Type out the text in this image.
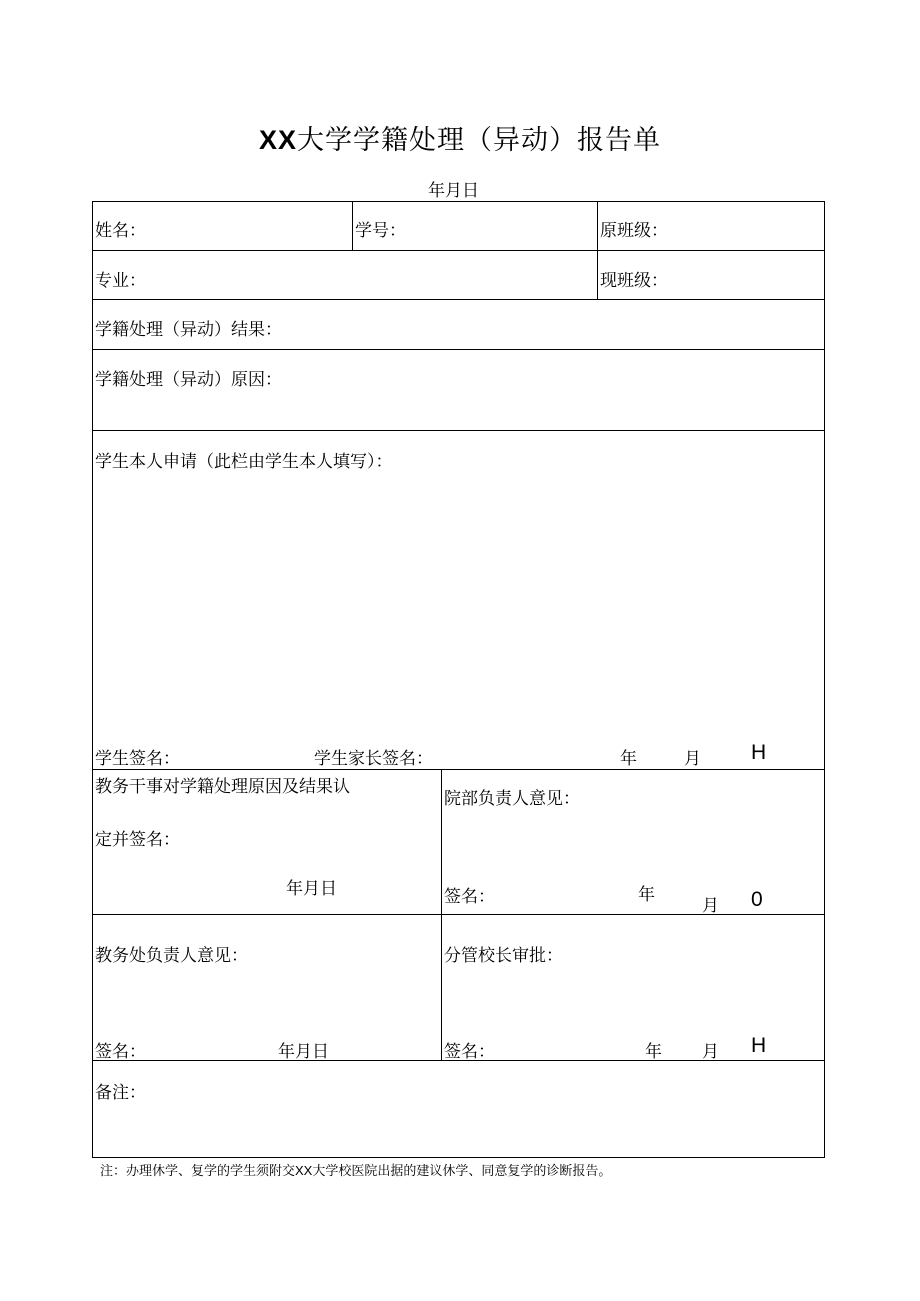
XX大学学籍处理（异动）报告单
年月日
姓名：	学号：	原班级：
专业：	现班级：
学籍处理（异动）结果：
学籍处理（异动）原因：
学生本人申请（此栏由学生本人填写）：
学生签名：	学生家长签名：	年	月 H
教务干事对学籍处理原因及结果认
定并签名：
年月日
院部负责人意见：
签名：	年
月 0
教务处负责人意见：
签名：	年月日
分管校长审批：
签名：	年 月 H
备注：
注：办理休学、复学的学生须附交XX大学校医院出据的建议休学、同意复学的诊断报告。
